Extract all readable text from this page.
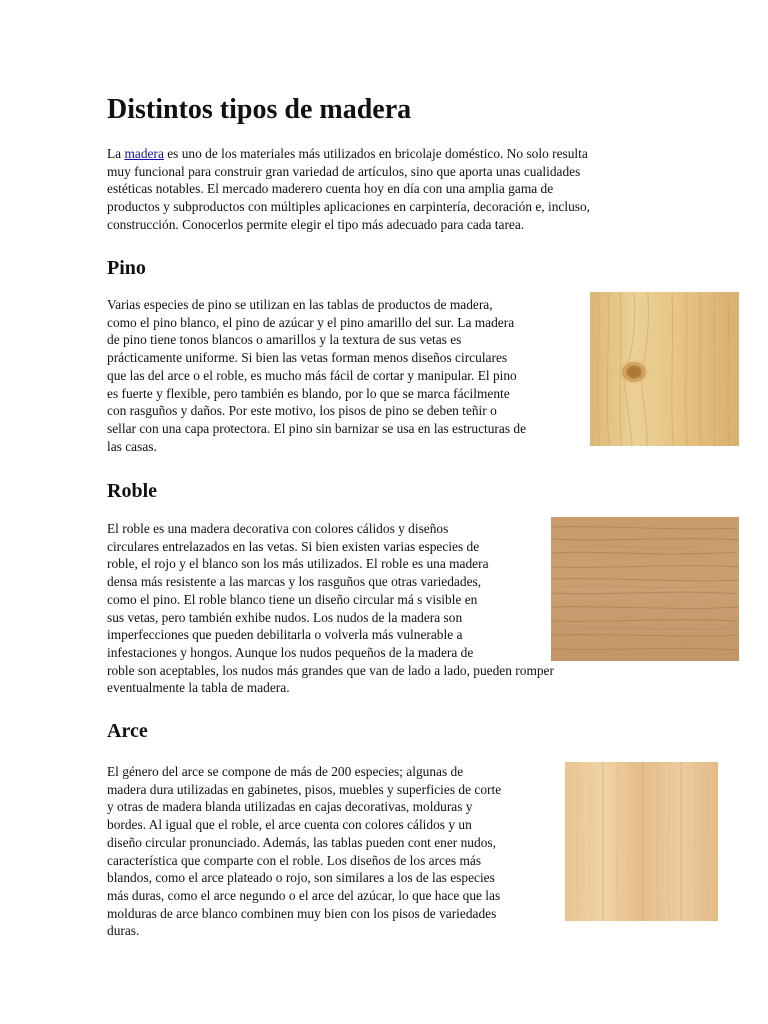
Distintos tipos de madera
La madera es uno de los materiales más utilizados en bricolaje doméstico. No solo resulta
muy funcional para construir gran variedad de artículos, sino que aporta unas cualidades
estéticas notables. El mercado maderero cuenta hoy en día con una amplia gama de
productos y subproductos con múltiples aplicaciones en carpintería, decoración e, incluso,
construcción. Conocerlos permite elegir el tipo más adecuado para cada tarea.
Pino
Varias especies de pino se utilizan en las tablas de productos de madera,
como el pino blanco, el pino de azúcar y el pino amarillo del sur. La madera
de pino tiene tonos blancos o amarillos y la textura de sus vetas es
prácticamente uniforme. Si bien las vetas forman menos diseños circulares
que las del arce o el roble, es mucho más fácil de cortar y manipular. El pino
es fuerte y flexible, pero también es blando, por lo que se marca fácilmente
con rasguños y daños. Por este motivo, los pisos de pino se deben teñir o
sellar con una capa protectora. El pino sin barnizar se usa en las estructuras de
las casas.
Roble
El roble es una madera decorativa con colores cálidos y diseños
circulares entrelazados en las vetas. Si bien existen varias especies de
roble, el rojo y el blanco son los más utilizados. El roble es una madera
densa más resistente a las marcas y los rasguños que otras variedades,
como el pino. El roble blanco tiene un diseño circular má s visible en
sus vetas, pero también exhibe nudos. Los nudos de la madera son
imperfecciones que pueden debilitarla o volverla más vulnerable a
infestaciones y hongos. Aunque los nudos pequeños de la madera de
roble son aceptables, los nudos más grandes que van de lado a lado, pueden romper
eventualmente la tabla de madera.
Arce
El género del arce se compone de más de 200 especies; algunas de
madera dura utilizadas en gabinetes, pisos, muebles y superficies de corte
y otras de madera blanda utilizadas en cajas decorativas, molduras y
bordes. Al igual que el roble, el arce cuenta con colores cálidos y un
diseño circular pronunciado. Además, las tablas pueden cont ener nudos,
característica que comparte con el roble. Los diseños de los arces más
blandos, como el arce plateado o rojo, son similares a los de las especies
más duras, como el arce negundo o el arce del azúcar, lo que hace que las
molduras de arce blanco combinen muy bien con los pisos de variedades
duras.
